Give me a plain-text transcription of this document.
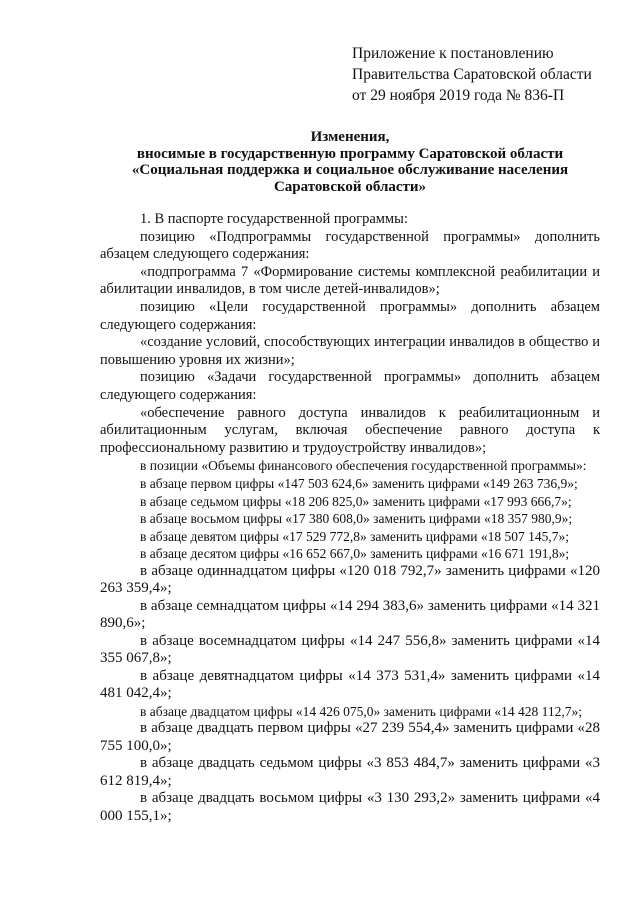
Приложение к постановлению
Правительства Саратовской области
от 29 ноября 2019 года № 836-П
Изменения,
вносимые в государственную программу Саратовской области
«Социальная поддержка и социальное обслуживание населения
Саратовской области»

1. В паспорте государственной программы:

позицию «Подпрограммы государственной программы» дополнить абзацем следующего содержания:

«подпрограмма 7 «Формирование системы комплексной реабилитации и абилитации инвалидов, в том числе детей-инвалидов»;

позицию «Цели государственной программы» дополнить абзацем следующего содержания:

«создание условий, способствующих интеграции инвалидов в общество и повышению уровня их жизни»;

позицию «Задачи государственной программы» дополнить абзацем следующего содержания:

«обеспечение равного доступа инвалидов к реабилитационным и абилитационным услугам, включая обеспечение равного доступа к профессиональному развитию и трудоустройству инвалидов»;

в позиции «Объемы финансового обеспечения государственной программы»:

в абзаце первом цифры «147 503 624,6» заменить цифрами «149 263 736,9»;

в абзаце седьмом цифры «18 206 825,0» заменить цифрами «17 993 666,7»;

в абзаце восьмом цифры «17 380 608,0» заменить цифрами «18 357 980,9»;

в абзаце девятом цифры «17 529 772,8» заменить цифрами «18 507 145,7»;

в абзаце десятом цифры «16 652 667,0» заменить цифрами «16 671 191,8»;

в абзаце одиннадцатом цифры «120 018 792,7» заменить цифрами «120 263 359,4»;

в абзаце семнадцатом цифры «14 294 383,6» заменить цифрами «14 321 890,6»;

в абзаце восемнадцатом цифры «14 247 556,8» заменить цифрами «14 355 067,8»;

в абзаце девятнадцатом цифры «14 373 531,4» заменить цифрами «14 481 042,4»;

в абзаце двадцатом цифры «14 426 075,0» заменить цифрами «14 428 112,7»;

в абзаце двадцать первом цифры «27 239 554,4» заменить цифрами «28 755 100,0»;

в абзаце двадцать седьмом цифры «3 853 484,7» заменить цифрами «3 612 819,4»;

в абзаце двадцать восьмом цифры «3 130 293,2» заменить цифрами «4 000 155,1»;
